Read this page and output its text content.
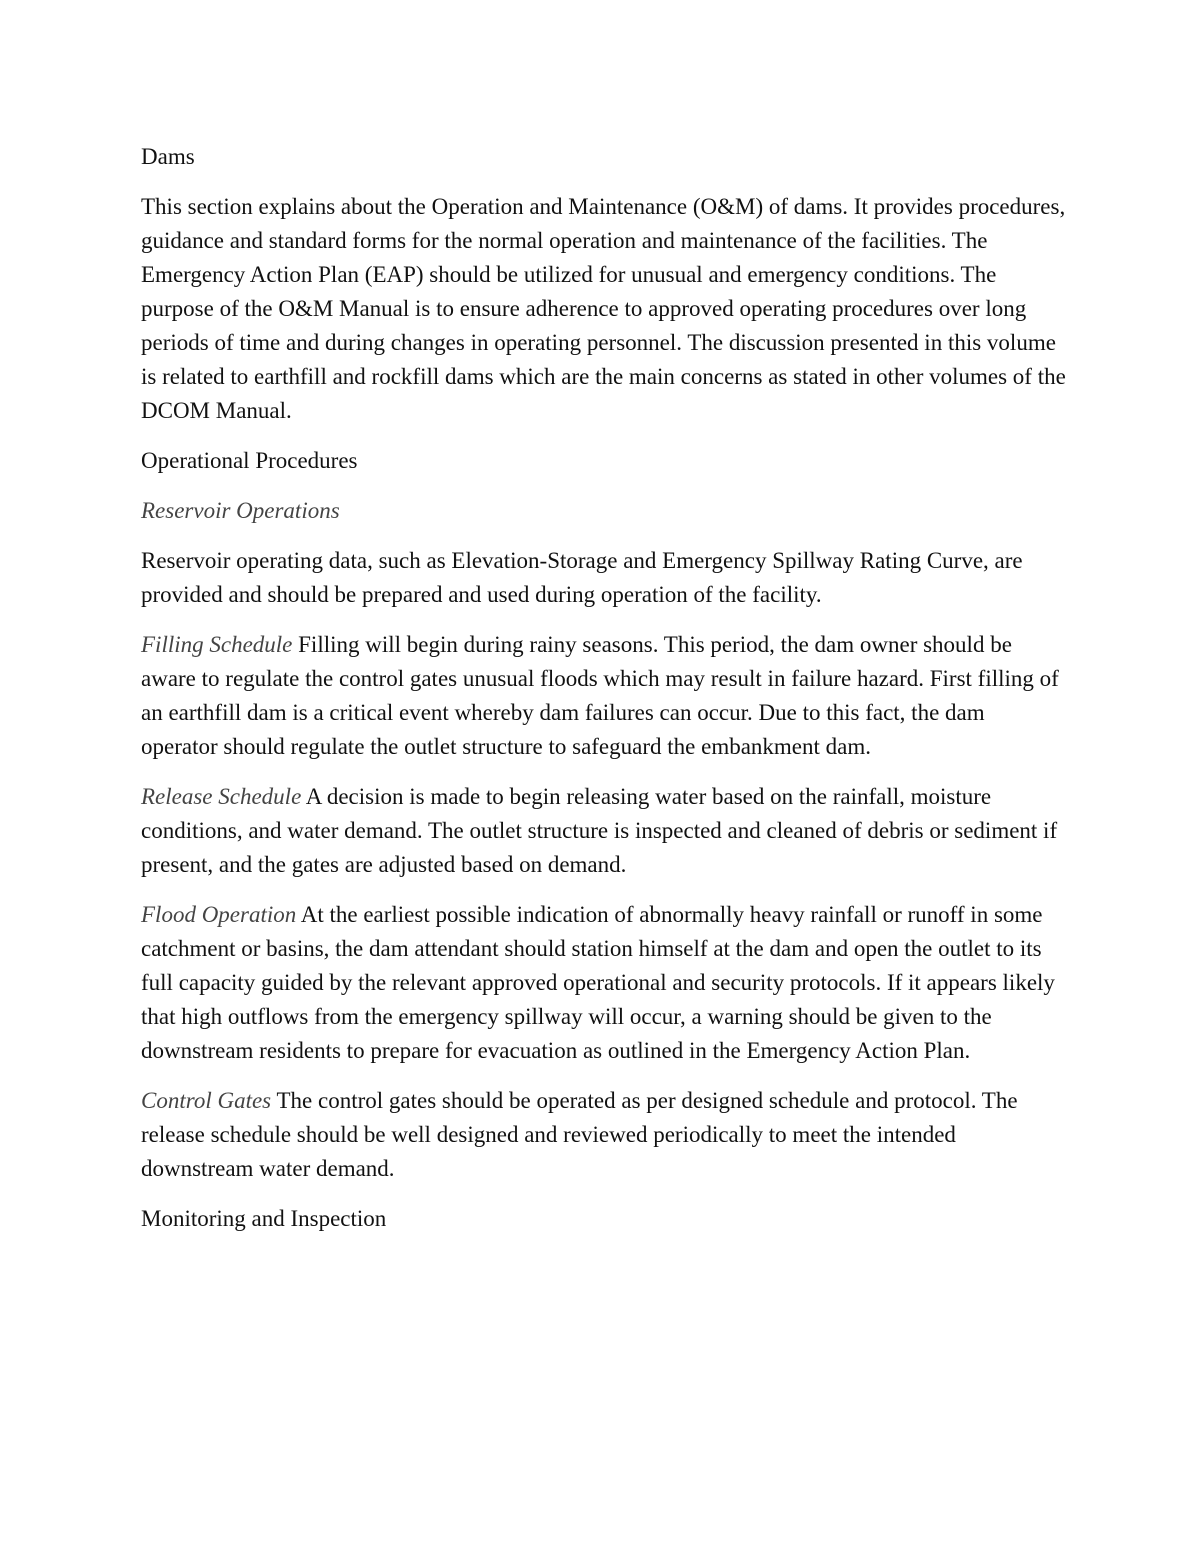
Dams

This section explains about the Operation and Maintenance (O&M) of dams. It provides procedures, guidance and standard forms for the normal operation and maintenance of the facilities. The Emergency Action Plan (EAP) should be utilized for unusual and emergency conditions. The purpose of the O&M Manual is to ensure adherence to approved operating procedures over long periods of time and during changes in operating personnel. The discussion presented in this volume is related to earthfill and rockfill dams which are the main concerns as stated in other volumes of the DCOM Manual.

Operational Procedures

Reservoir Operations

Reservoir operating data, such as Elevation-Storage and Emergency Spillway Rating Curve, are provided and should be prepared and used during operation of the facility.

Filling Schedule Filling will begin during rainy seasons. This period, the dam owner should be aware to regulate the control gates unusual floods which may result in failure hazard. First filling of an earthfill dam is a critical event whereby dam failures can occur. Due to this fact, the dam operator should regulate the outlet structure to safeguard the embankment dam.

Release Schedule A decision is made to begin releasing water based on the rainfall, moisture conditions, and water demand. The outlet structure is inspected and cleaned of debris or sediment if present, and the gates are adjusted based on demand.

Flood Operation At the earliest possible indication of abnormally heavy rainfall or runoff in some catchment or basins, the dam attendant should station himself at the dam and open the outlet to its full capacity guided by the relevant approved operational and security protocols. If it appears likely that high outflows from the emergency spillway will occur, a warning should be given to the downstream residents to prepare for evacuation as outlined in the Emergency Action Plan.

Control Gates The control gates should be operated as per designed schedule and protocol. The release schedule should be well designed and reviewed periodically to meet the intended downstream water demand.

Monitoring and Inspection
